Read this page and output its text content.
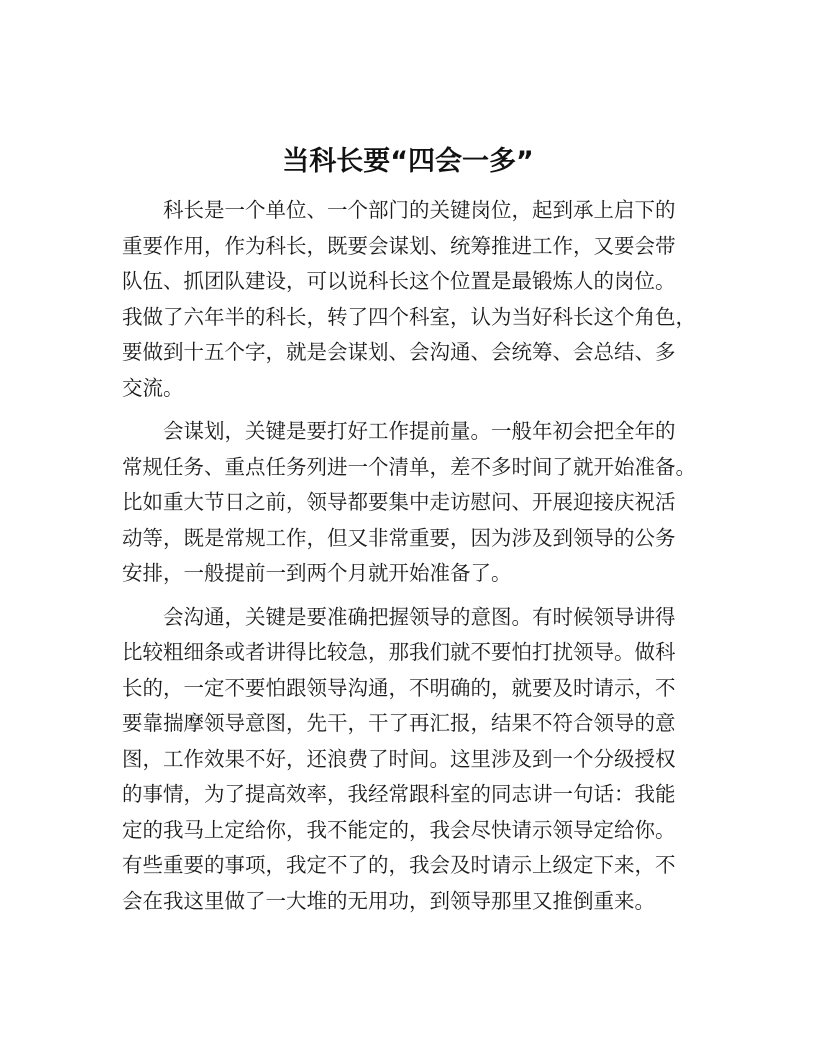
当科长要“四会一多”

科长是一个单位、一个部门的关键岗位，起到承上启下的
重要作用，作为科长，既要会谋划、统筹推进工作，又要会带
队伍、抓团队建设，可以说科长这个位置是最锻炼人的岗位。
我做了六年半的科长，转了四个科室，认为当好科长这个角色，
要做到十五个字，就是会谋划、会沟通、会统筹、会总结、多
交流。

会谋划，关键是要打好工作提前量。一般年初会把全年的
常规任务、重点任务列进一个清单，差不多时间了就开始准备。
比如重大节日之前，领导都要集中走访慰问、开展迎接庆祝活
动等，既是常规工作，但又非常重要，因为涉及到领导的公务
安排，一般提前一到两个月就开始准备了。

会沟通，关键是要准确把握领导的意图。有时候领导讲得
比较粗细条或者讲得比较急，那我们就不要怕打扰领导。做科
长的，一定不要怕跟领导沟通，不明确的，就要及时请示，不
要靠揣摩领导意图，先干，干了再汇报，结果不符合领导的意
图，工作效果不好，还浪费了时间。这里涉及到一个分级授权
的事情，为了提高效率，我经常跟科室的同志讲一句话：我能
定的我马上定给你，我不能定的，我会尽快请示领导定给你。
有些重要的事项，我定不了的，我会及时请示上级定下来，不
会在我这里做了一大堆的无用功，到领导那里又推倒重来。
